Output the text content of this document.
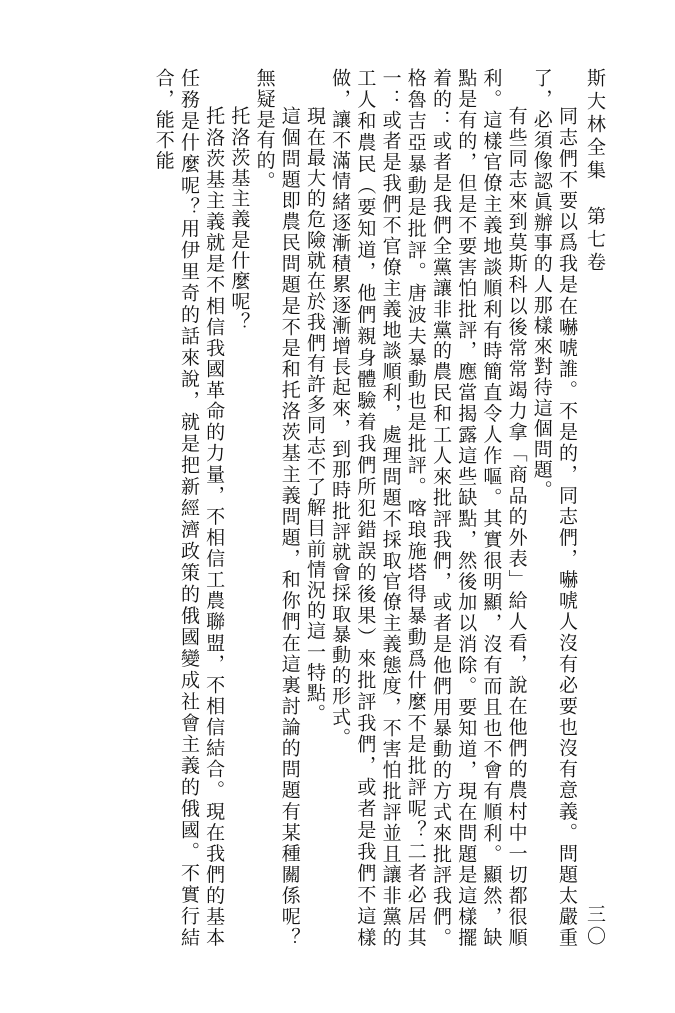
斯大林全集　第七卷
三〇

同志們不要以爲我是在嚇唬誰。不是的，同志們，嚇唬人沒有必要也沒有意義。問題太嚴重了，必須像認眞辦事的人那樣來對待這個問題。

有些同志來到莫斯科以後常常竭力拿「商品的外表」給人看，說在他們的農村中一切都很順利。這樣官僚主義地談順利有時簡直令人作嘔。其實很明顯，沒有而且也不會有順利。顯然，缺點是有的，但是不要害怕批評，應當揭露這些缺點，然後加以消除。要知道，現在問題是這樣擺着的：或者是我們全黨讓非黨的農民和工人來批評我們，或者是他們用暴動的方式來批評我們。格魯吉亞暴動是批評。唐波夫暴動也是批評。喀琅施塔得暴動爲什麼不是批評呢？二者必居其一：或者是我們不官僚主義地談順利，處理問題不採取官僚主義態度，不害怕批評並且讓非黨的工人和農民（要知道，他們親身體驗着我們所犯錯誤的後果）來批評我們，或者是我們不這樣做，讓不滿情緒逐漸積累逐漸增長起來，到那時批評就會採取暴動的形式。

現在最大的危險就在於我們有許多同志不了解目前情況的這一特點。

這個問題即農民問題是不是和托洛茨基主義問題，和你們在這裏討論的問題有某種關係呢？無疑是有的。

托洛茨基主義是什麼呢？

托洛茨基主義就是不相信我國革命的力量，不相信工農聯盟，不相信結合。現在我們的基本任務是什麼呢？用伊里奇的話來說，就是把新經濟政策的俄國變成社會主義的俄國。不實行結合，能不能
